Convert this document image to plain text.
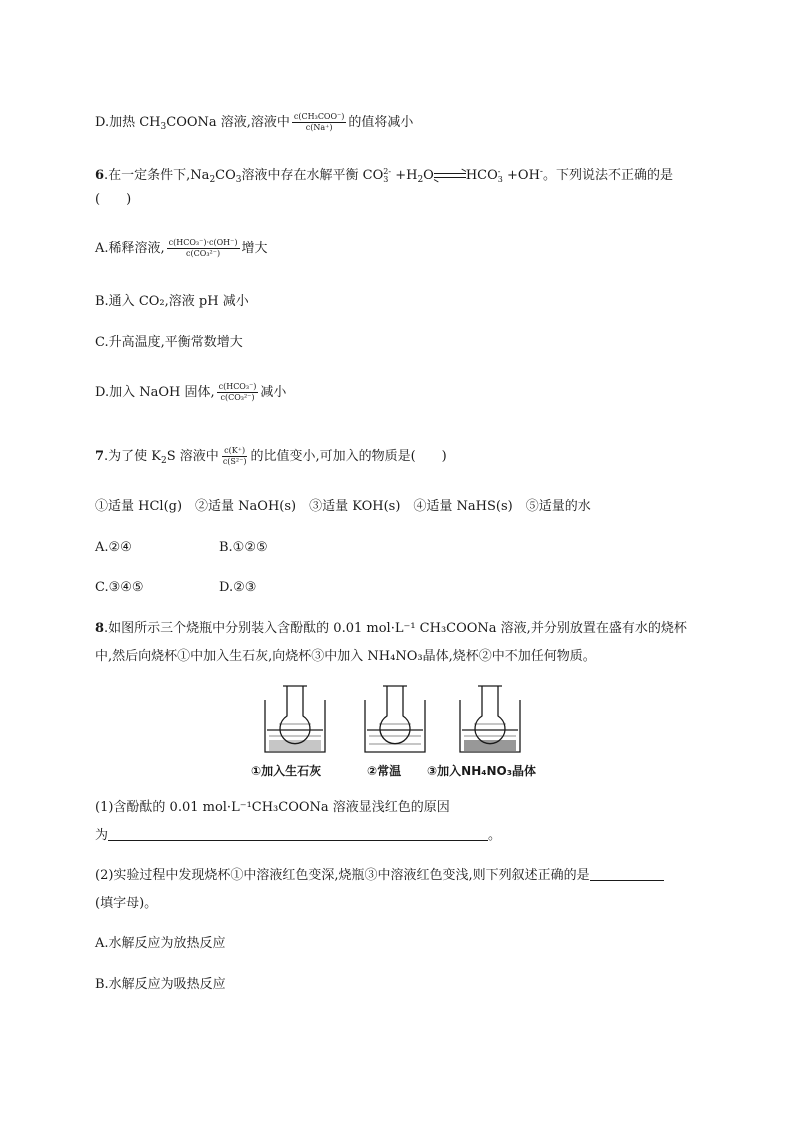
D.加热 $CH_3COONa$ 溶液,溶液中 $\frac{\text{c(CH₃COO⁻)}}{c(Na^+)}$ 的值将减小
6.在一定条件下$,Na_2CO_3$溶液中存在水解平衡 CO 2-
$3 +H_2O$ HCO -
3 +OH-。下列说法不正确的是
(　　)
A.稀释溶液, $\frac{\text{c(HCO₃⁻)·c(OH⁻)}}{\text{c(CO₃²⁻)}}$ 增大
B.通入 CO₂,溶液 pH 减小
C.升高温度,平衡常数增大
D.加入 NaOH 固体, $\frac{\text{c(HCO₃⁻)}}{\text{c(CO₃²⁻)}}$ 减小
7.为了使 $K_2S$ 溶液中 $\frac{c(K^+)}{\text{c(S²⁻)}}$ 的比值变小,可加入的物质是(　　)
①适量 HCl(g)　②适量 NaOH(s)　③适量 KOH(s)　④适量 NaHS(s)　⑤适量的水
A.②④	B.①②⑤
C.③④⑤	D.②③
8.如图所示三个烧瓶中分别装入含酚酞的 0.01 mol·L⁻¹ CH₃COONa 溶液,并分别放置在盛有水的烧杯
中,然后向烧杯①中加入生石灰,向烧杯③中加入 NH₄NO₃晶体,烧杯②中不加任何物质。
①加入生石灰	②常温 ③加入NH₄NO₃晶体
(1)含酚酞的 0.01 mol·L⁻¹CH₃COONa 溶液显浅红色的原因
为	。
(2)实验过程中发现烧杯①中溶液红色变深,烧瓶③中溶液红色变浅,则下列叙述正确的是
(填字母)。
A.水解反应为放热反应
B.水解反应为吸热反应
